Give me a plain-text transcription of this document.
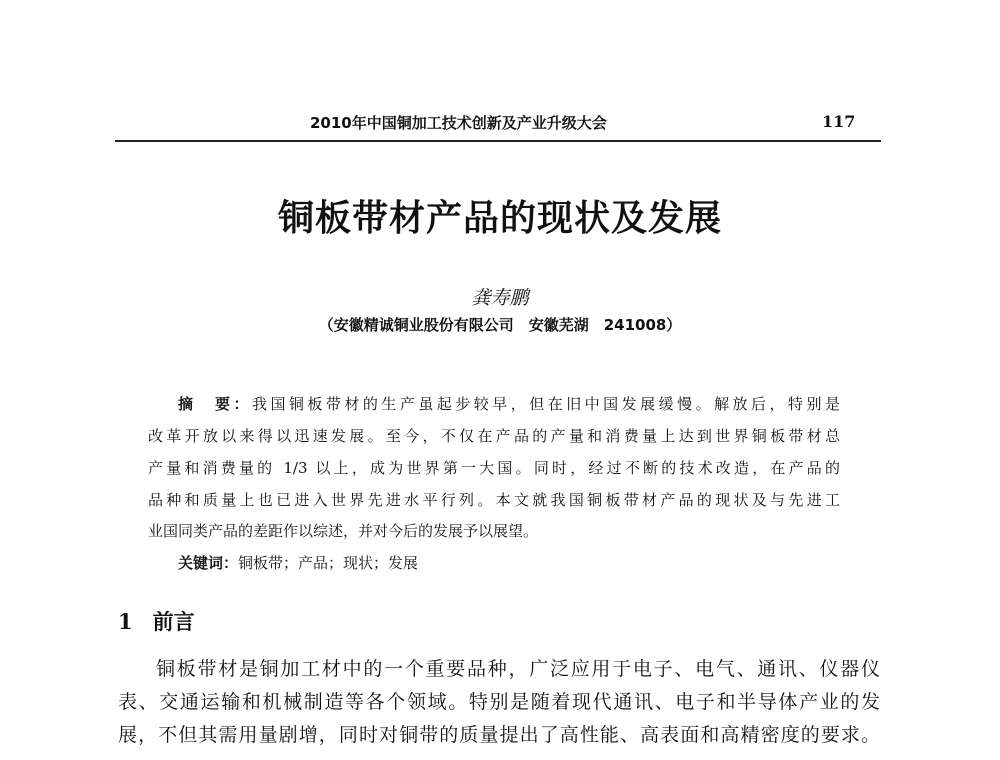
2010年中国铜加工技术创新及产业升级大会	117
铜板带材产品的现状及发展
龚寿鹏
（安徽精诚铜业股份有限公司　安徽芜湖　241008）
摘　要：我国铜板带材的生产虽起步较早，但在旧中国发展缓慢。解放后，特别是
改革开放以来得以迅速发展。至今，不仅在产品的产量和消费量上达到世界铜板带材总
产量和消费量的 1/3 以上，成为世界第一大国。同时，经过不断的技术改造，在产品的
品种和质量上也已进入世界先进水平行列。本文就我国铜板带材产品的现状及与先进工
业国同类产品的差距作以综述，并对今后的发展予以展望。
关键词：铜板带；产品；现状；发展
1 前言
铜板带材是铜加工材中的一个重要品种，广泛应用于电子、电气、通讯、仪器仪
表、交通运输和机械制造等各个领域。特别是随着现代通讯、电子和半导体产业的发
展，不但其需用量剧增，同时对铜带的质量提出了高性能、高表面和高精密度的要求。
